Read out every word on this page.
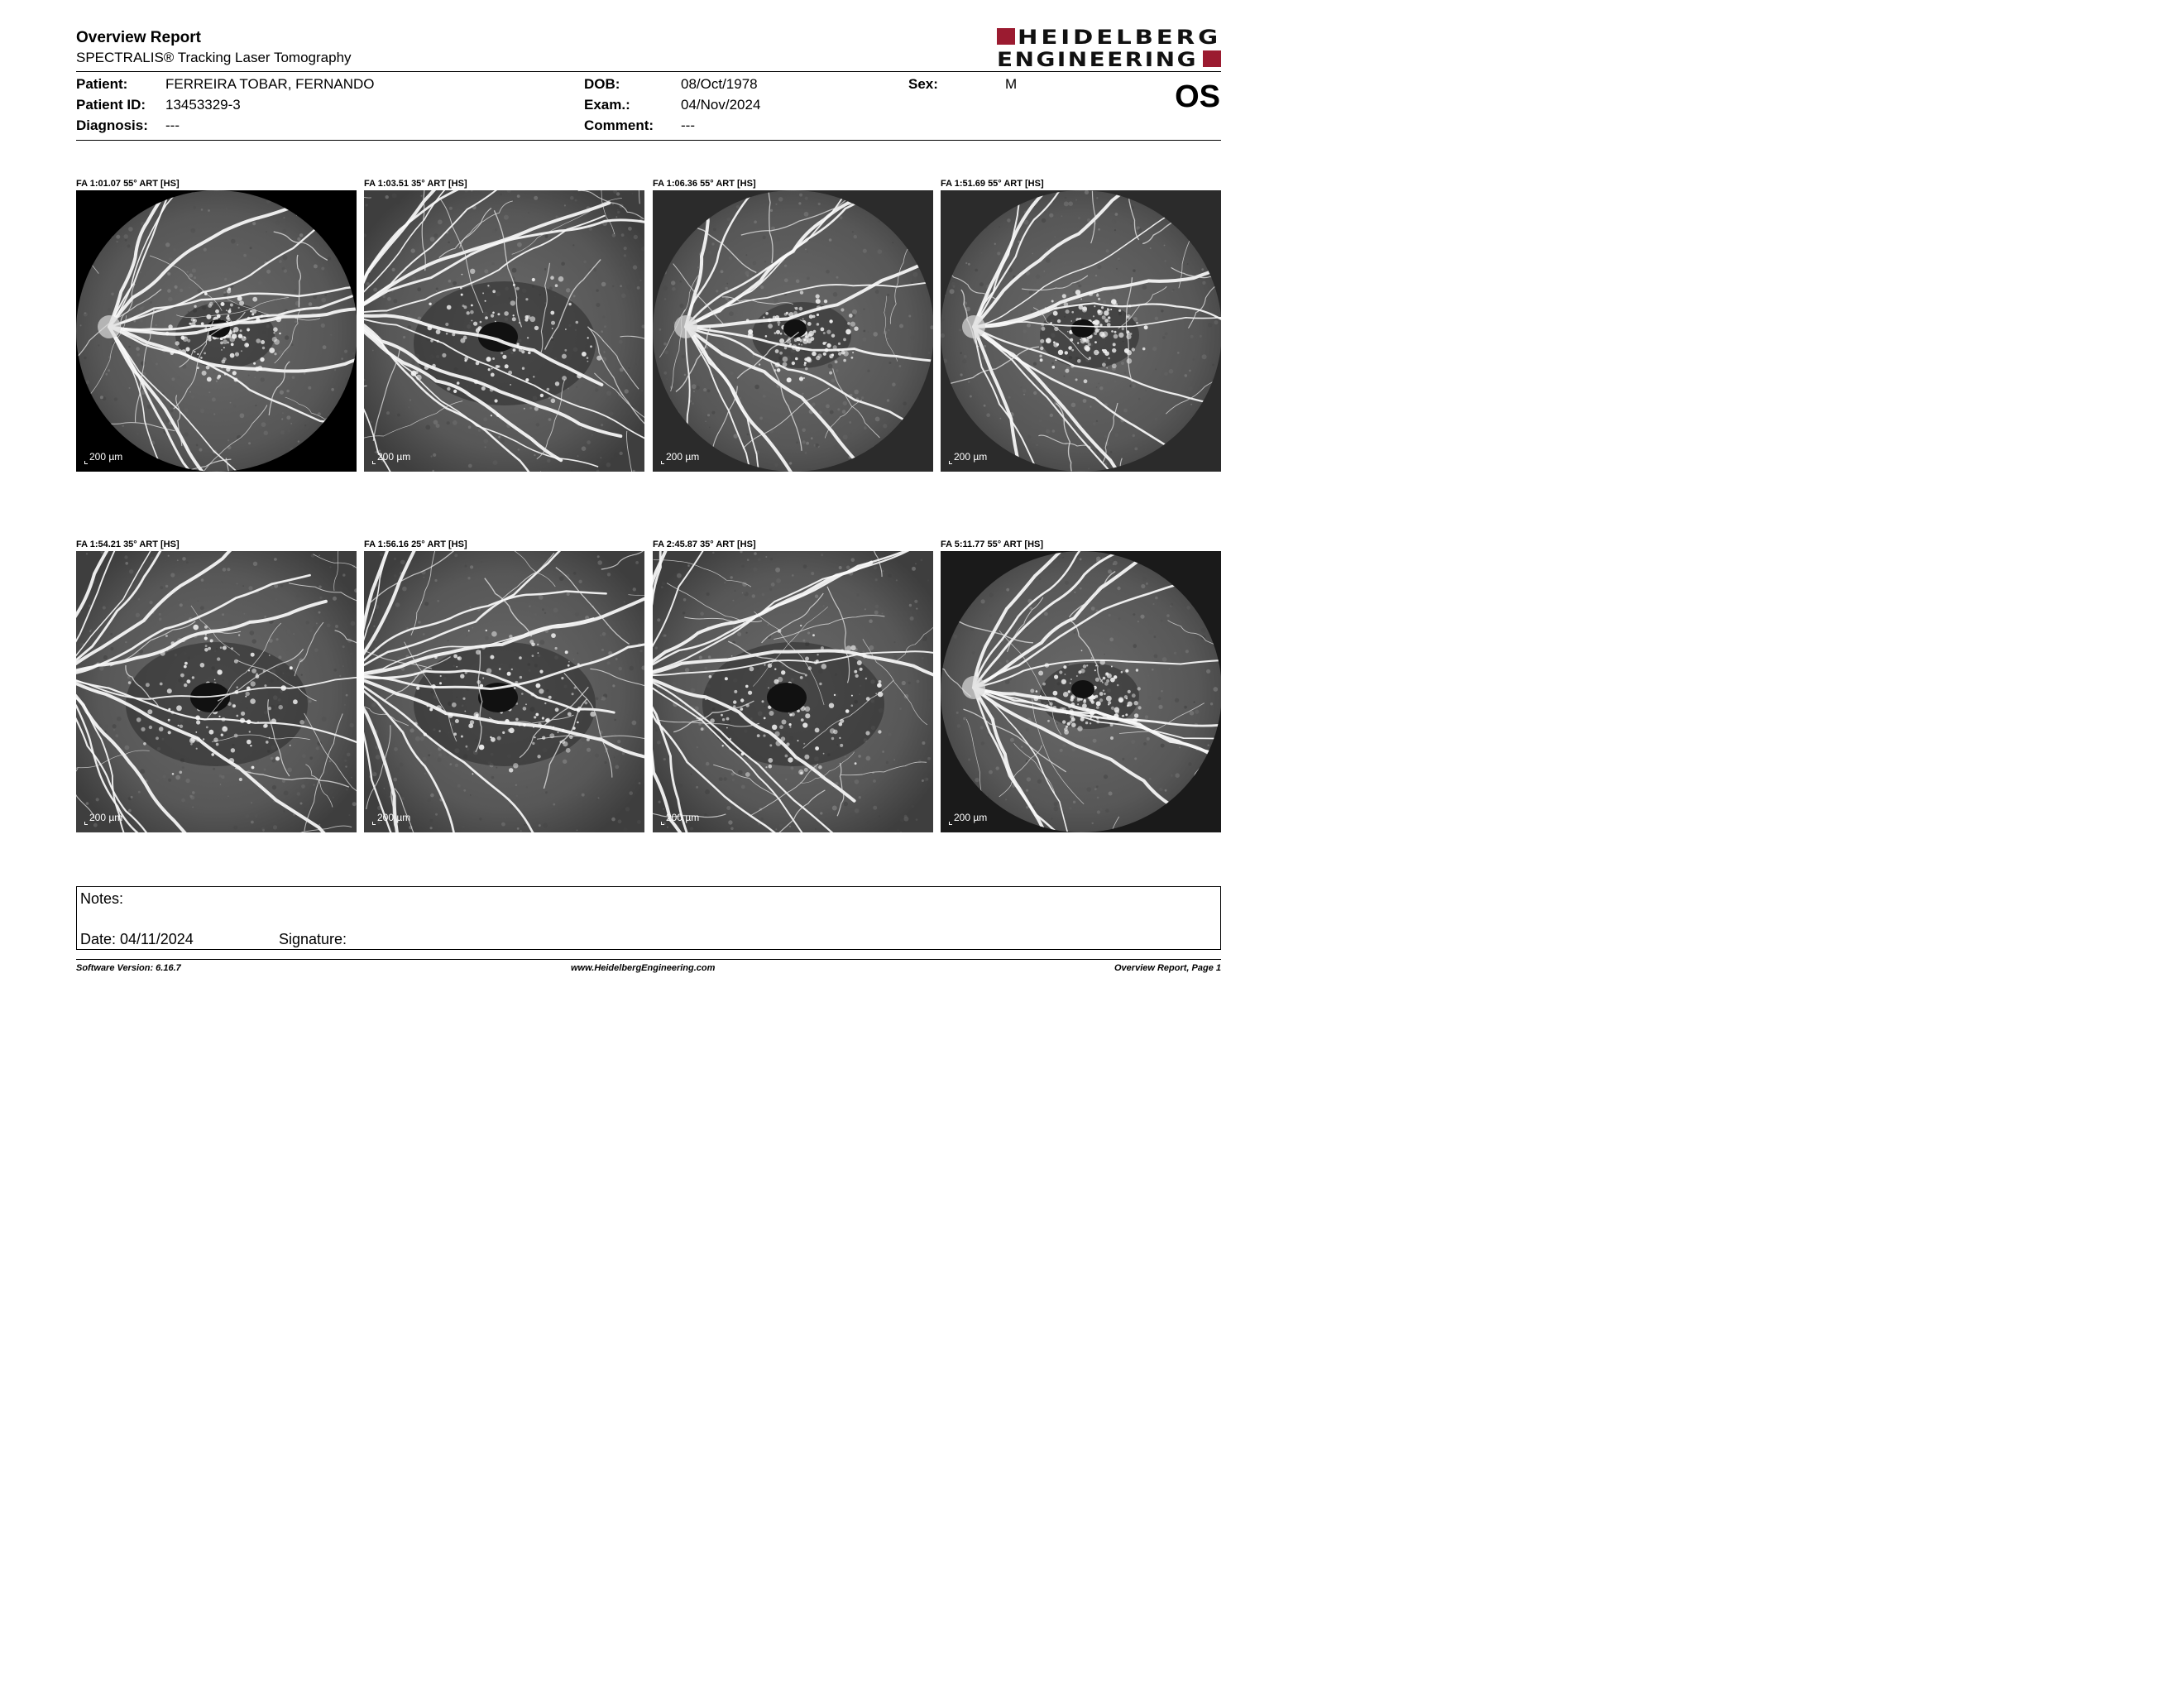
Overview Report
SPECTRALIS® Tracking Laser Tomography
HEIDELBERG
ENGINEERING
Patient:	FERREIRA TOBAR, FERNANDO
Patient ID: 13453329-3
Diagnosis: ---
DOB:	08/Oct/1978
Exam.:	04/Nov/2024
Comment: ---
Sex:	M	OS
FA 1:01.07 55° ART [HS]
200 µm
FA 1:03.51 35° ART [HS]
200 µm
FA 1:06.36 55° ART [HS]
200 µm
FA 1:51.69 55° ART [HS]
200 µm
FA 1:54.21 35° ART [HS]
200 µm
FA 1:56.16 25° ART [HS]
200 µm
FA 2:45.87 35° ART [HS]
200 µm
FA 5:11.77 55° ART [HS]
200 µm
Notes:
Date: 04/11/2024	Signature:
Software Version: 6.16.7	www.HeidelbergEngineering.com	Overview Report, Page 1
